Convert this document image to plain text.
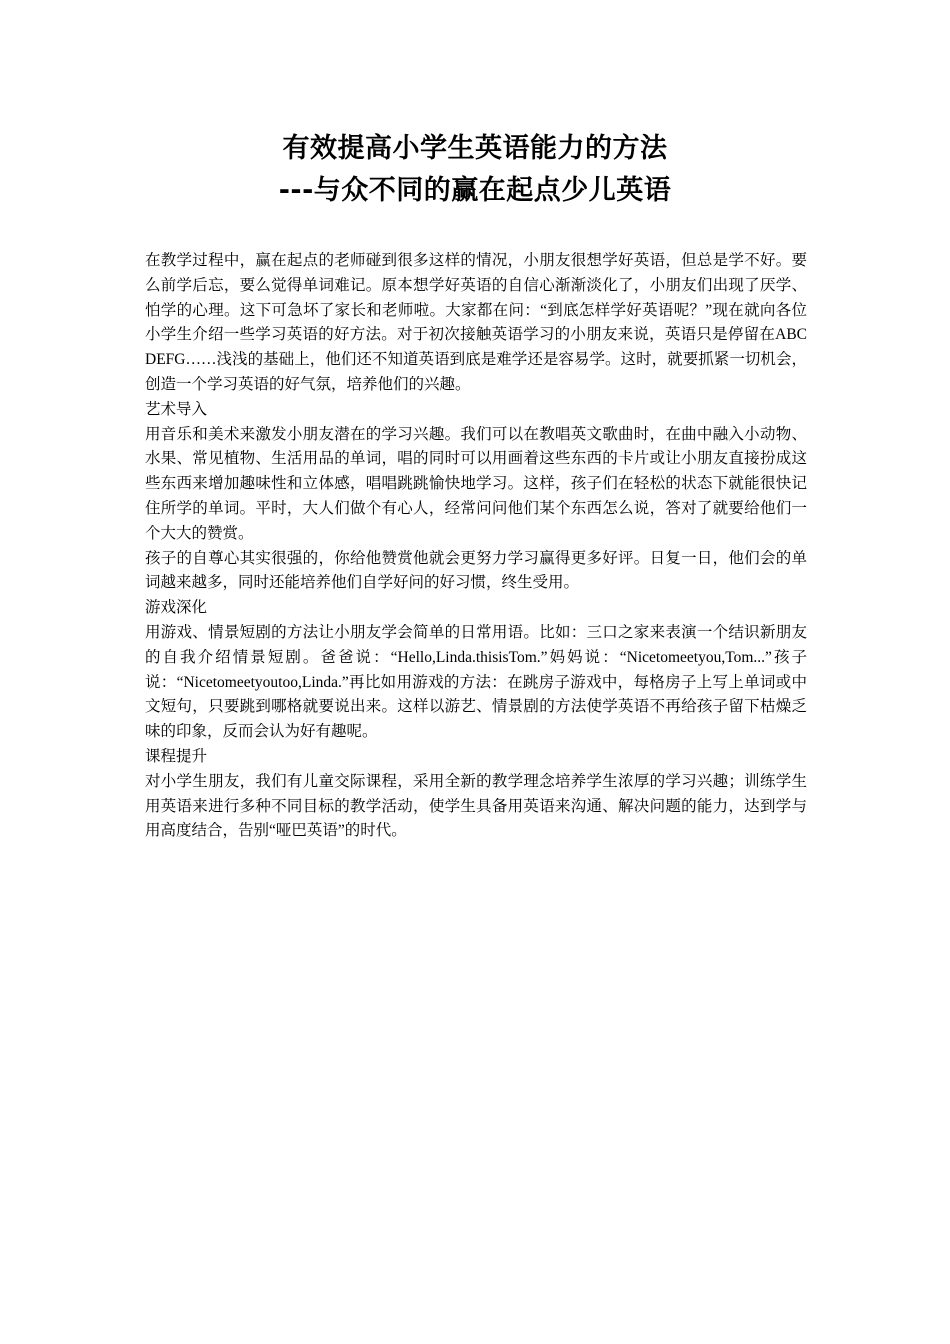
有效提高小学生英语能力的方法

---与众不同的赢在起点少儿英语

在教学过程中，赢在起点的老师碰到很多这样的情况，小朋友很想学好英语，但总是学不好。要么前学后忘，要么觉得单词难记。原本想学好英语的自信心渐渐淡化了，小朋友们出现了厌学、怕学的心理。这下可急坏了家长和老师啦。大家都在问：“到底怎样学好英语呢？”现在就向各位小学生介绍一些学习英语的好方法。对于初次接触英语学习的小朋友来说，英语只是停留在ABCDEFG……浅浅的基础上，他们还不知道英语到底是难学还是容易学。这时，就要抓紧一切机会，创造一个学习英语的好气氛，培养他们的兴趣。

艺术导入

用音乐和美术来激发小朋友潜在的学习兴趣。我们可以在教唱英文歌曲时，在曲中融入小动物、水果、常见植物、生活用品的单词，唱的同时可以用画着这些东西的卡片或让小朋友直接扮成这些东西来增加趣味性和立体感，唱唱跳跳愉快地学习。这样，孩子们在轻松的状态下就能很快记住所学的单词。平时，大人们做个有心人，经常问问他们某个东西怎么说，答对了就要给他们一个大大的赞赏。

孩子的自尊心其实很强的，你给他赞赏他就会更努力学习赢得更多好评。日复一日，他们会的单词越来越多，同时还能培养他们自学好问的好习惯，终生受用。

游戏深化

用游戏、情景短剧的方法让小朋友学会简单的日常用语。比如：三口之家来表演一个结识新朋友的自我介绍情景短剧。爸爸说：“Hello,Linda.thisisTom.”妈妈说：“Nicetomeetyou,Tom...”孩子说：“Nicetomeetyoutoo,Linda.”再比如用游戏的方法：在跳房子游戏中，每格房子上写上单词或中文短句，只要跳到哪格就要说出来。这样以游艺、情景剧的方法使学英语不再给孩子留下枯燥乏味的印象，反而会认为好有趣呢。

课程提升

对小学生朋友，我们有儿童交际课程，采用全新的教学理念培养学生浓厚的学习兴趣；训练学生用英语来进行多种不同目标的教学活动，使学生具备用英语来沟通、解决问题的能力，达到学与用高度结合，告别“哑巴英语”的时代。
